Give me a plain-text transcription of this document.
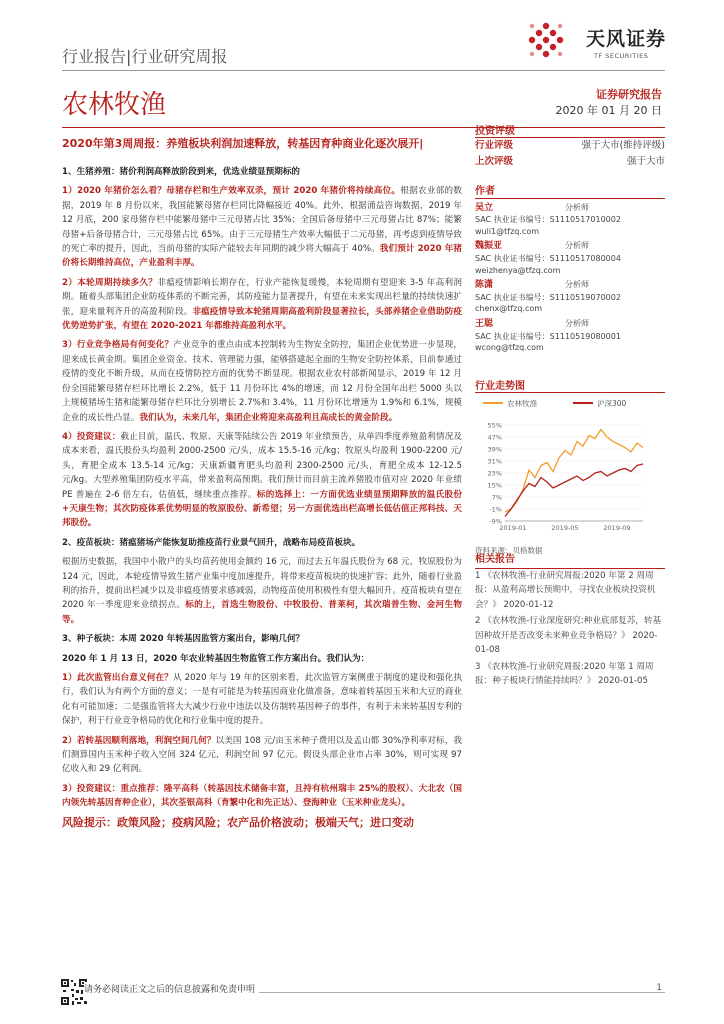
行业报告|行业研究周报
天风证券
TF SECURITIES
农林牧渔	证券研究报告
2020 年 01 月 20 日
2020年第3周周报：养殖板块利润加速释放，转基因育种商业化逐次展开|

1、生猪养殖：猪价利润高释放阶段到来，优选业绩显预期标的

1）2020 年猪价怎么看？母猪存栏和生产效率双杀，预计 2020 年猪价将持续高位。根据农业部的数据，2019 年 8 月份以来，我国能繁母猪存栏同比降幅接近 40%。此外，根据涌益咨询数据，2019 年 12 月底，200 家母猪存栏中能繁母猪中三元母猪占比 35%；全国后备母猪中三元母猪占比 87%；能繁母猪+后备母猪合计，三元母猪占比 65%。由于三元母猪生产效率大幅低于二元母猪，再考虑到疫情导致的死亡率的提升，因此，当前母猪的实际产能较去年同期的减少将大幅高于 40%。我们预计 2020 年猪价将长期维持高位，产业盈利丰厚。

2）本轮周期持续多久？非瘟疫情影响长期存在，行业产能恢复缓慢，本轮周期有望迎来 3-5 年高利润期。随着头部集团企业防疫体系的不断完善，其防疫能力显著提升，有望在未来实现出栏量的持续快速扩张，迎来量利齐升的高盈利阶段。非瘟疫情导致本轮猪周期高盈利阶段显著拉长，头部养猪企业借助防疫优势逆势扩张，有望在 2020-2021 年都维持高盈利水平。

3）行业竞争格局有何变化？产业竞争的重点由成本控制转为生物安全防控，集团企业优势进一步显现，迎来成长黄金期。集团企业资金、技术、管理能力强，能够搭建起全面的生物安全防控体系，目前参通过疫情的变化不断升级，从而在疫情防控方面的优势不断显现。根据农业农村部新闻显示，2019 年 12 月份全国能繁母猪存栏环比增长 2.2%，低于 11 月份环比 4%的增速，而 12 月份全国年出栏 5000 头以上规模猪场生猪和能繁母猪存栏环比分别增长 2.7%和 3.4%，11 月份环比增速为 1.9%和 6.1%，规模企业的成长性凸显。我们认为，未来几年，集团企业将迎来高盈利且高成长的黄金阶段。

4）投资建议：截止目前，温氏、牧原、天康等陆续公告 2019 年业绩预告，从单四季度养殖盈利情况及成本来看，温氏股份头均盈利 2000-2500 元/头，成本 15.5-16 元/kg；牧原头均盈利 1900-2200 元/头，育肥全成本 13.5-14 元/kg；天康新疆育肥头均盈利 2300-2500 元/头，育肥全成本 12-12.5 元/kg。大型养殖集团防疫水平高，带来盈利高预期。我们预计而目前主流养猪股市值对应 2020 年业绩 PE 普遍在 2-6 倍左右，估值低，继续重点推荐。标的选择上：一方面优选业绩显预期释放的温氏股份+天康生物；其次防疫体系优势明显的牧原股份、新希望；另一方面优选出栏高增长低估值正邦科技、天邦股份。

2、疫苗板块：猪瘟猪场产能恢复助推疫苗行业景气回升，战略布局疫苗板块。

根据历史数据，我国中小散户的头均苗药使用金额约 16 元，而过去五年温氏股份为 68 元，牧原股份为 124 元，因此，本轮疫情导致生猪产业集中度加速提升，将带来疫苗板块的快速扩容；此外，随着行业盈利的抬升，提前出栏减少以及非瘟疫情要求感减弱，动物疫苗使用积极性有望大幅回升。疫苗板块有望在 2020 年一季度迎来业绩拐点。标的上，首选生物股份、中牧股份、普莱柯，其次瑞普生物、金河生物等。

3、种子板块：本周 2020 年转基因监管方案出台，影响几何？

2020 年 1 月 13 日，2020 年农业转基因生物监管工作方案出台。我们认为：

1）此次监管出台意义何在？从 2020 年与 19 年的区别来看，此次监管方案侧重于制度的建设和强化执行，我们认为有两个方面的意义；一是有可能是为转基因商业化做准备，意味着转基因玉米和大豆的商业化有可能加速；二是强监管将大大减少行业中违法以及仿制转基因种子的事件，有利于未来转基因专利的保护，利于行业竞争格局的优化和行业集中度的提升。

2）若转基因顺利落地，利润空间几何？以美国 108 元/亩玉米种子费用以及孟山都 30%净利率对标，我们测算国内玉米种子收入空间 324 亿元，利润空间 97 亿元。假设头部企业市占率 30%，则可实现 97 亿收入和 29 亿利润。

3）投资建议：重点推荐：隆平高科（转基因技术储备丰富，且持有杭州瑞丰 25%的股权）、大北农（国内领先转基因育种企业），其次荃银高科（育繁中化和先正达）、登海种业（玉米种业龙头）。

风险提示：政策风险；疫病风险；农产品价格波动；极端天气；进口变动
投资评级
行业评级	强于大市(维持评级)
上次评级	强于大市
作者
吴立	分析师
SAC 执业证书编号：S1110517010002
wuli1@tfzq.com
魏振亚	分析师
SAC 执业证书编号：S1110517080004
weizhenya@tfzq.com
陈潇	分析师
SAC 执业证书编号：S1110519070002
chenx@tfzq.com
王聪	分析师
SAC 执业证书编号：S1110519080001
wcong@tfzq.com
行业走势图
农林牧渔	沪深300
55%
47%
39%
31%
23%
15%
7%
-1%
-9%
2019-01	2019-05	2019-09
资料来源：贝格数据
相关报告
1 《农林牧渔-行业研究周报:2020 年第 2 周周报：从盈利高增长预期中，寻找农业板块投资机会？》 2020-01-12
2 《农林牧渔-行业深度研究:种业底部复苏，转基因种故开是否改变未来种业竞争格局？》 2020-01-08
3 《农林牧渔-行业研究周报:2020 年第 1 周周报：种子板块行情能持续吗？》 2020-01-05
请务必阅读正文之后的信息披露和免责申明	1
